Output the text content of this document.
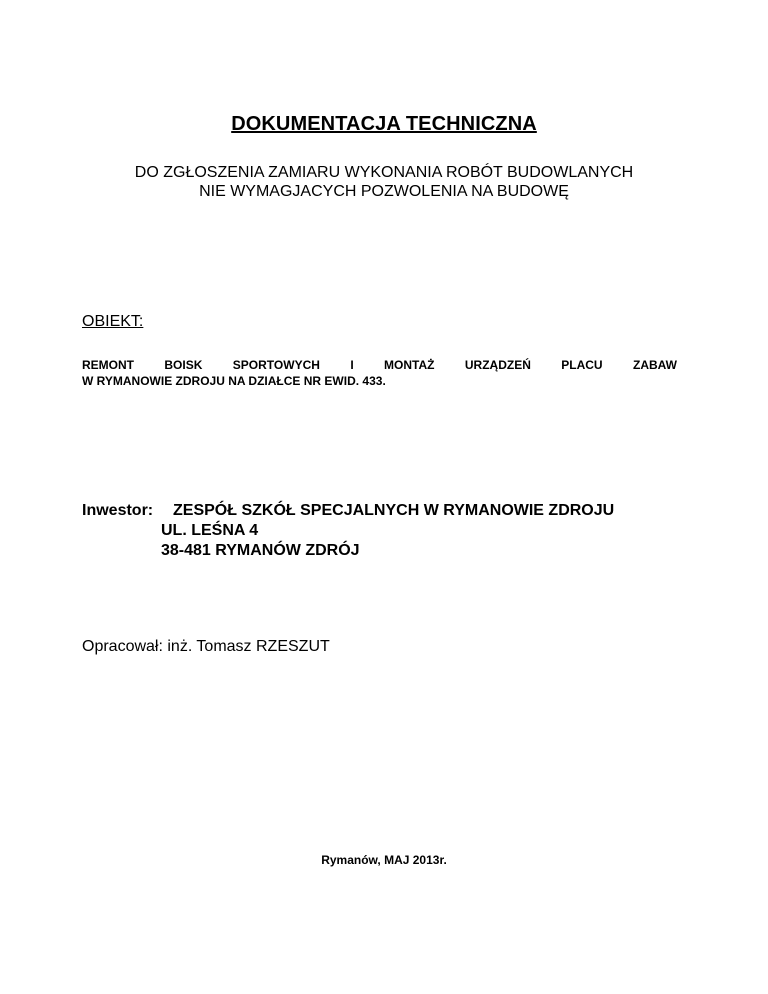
DOKUMENTACJA TECHNICZNA
DO ZGŁOSZENIA ZAMIARU WYKONANIA ROBÓT BUDOWLANYCH
NIE WYMAGJACYCH POZWOLENIA NA BUDOWĘ
OBIEKT:
REMONT BOISK SPORTOWYCH I MONTAŻ URZĄDZEŃ PLACU ZABAW
W RYMANOWIE ZDROJU NA DZIAŁCE NR EWID. 433.
Inwestor: ZESPÓŁ SZKÓŁ SPECJALNYCH W RYMANOWIE ZDROJU
UL. LEŚNA 4
38-481 RYMANÓW ZDRÓJ
Opracował: inż. Tomasz RZESZUT
Rymanów, MAJ 2013r.
